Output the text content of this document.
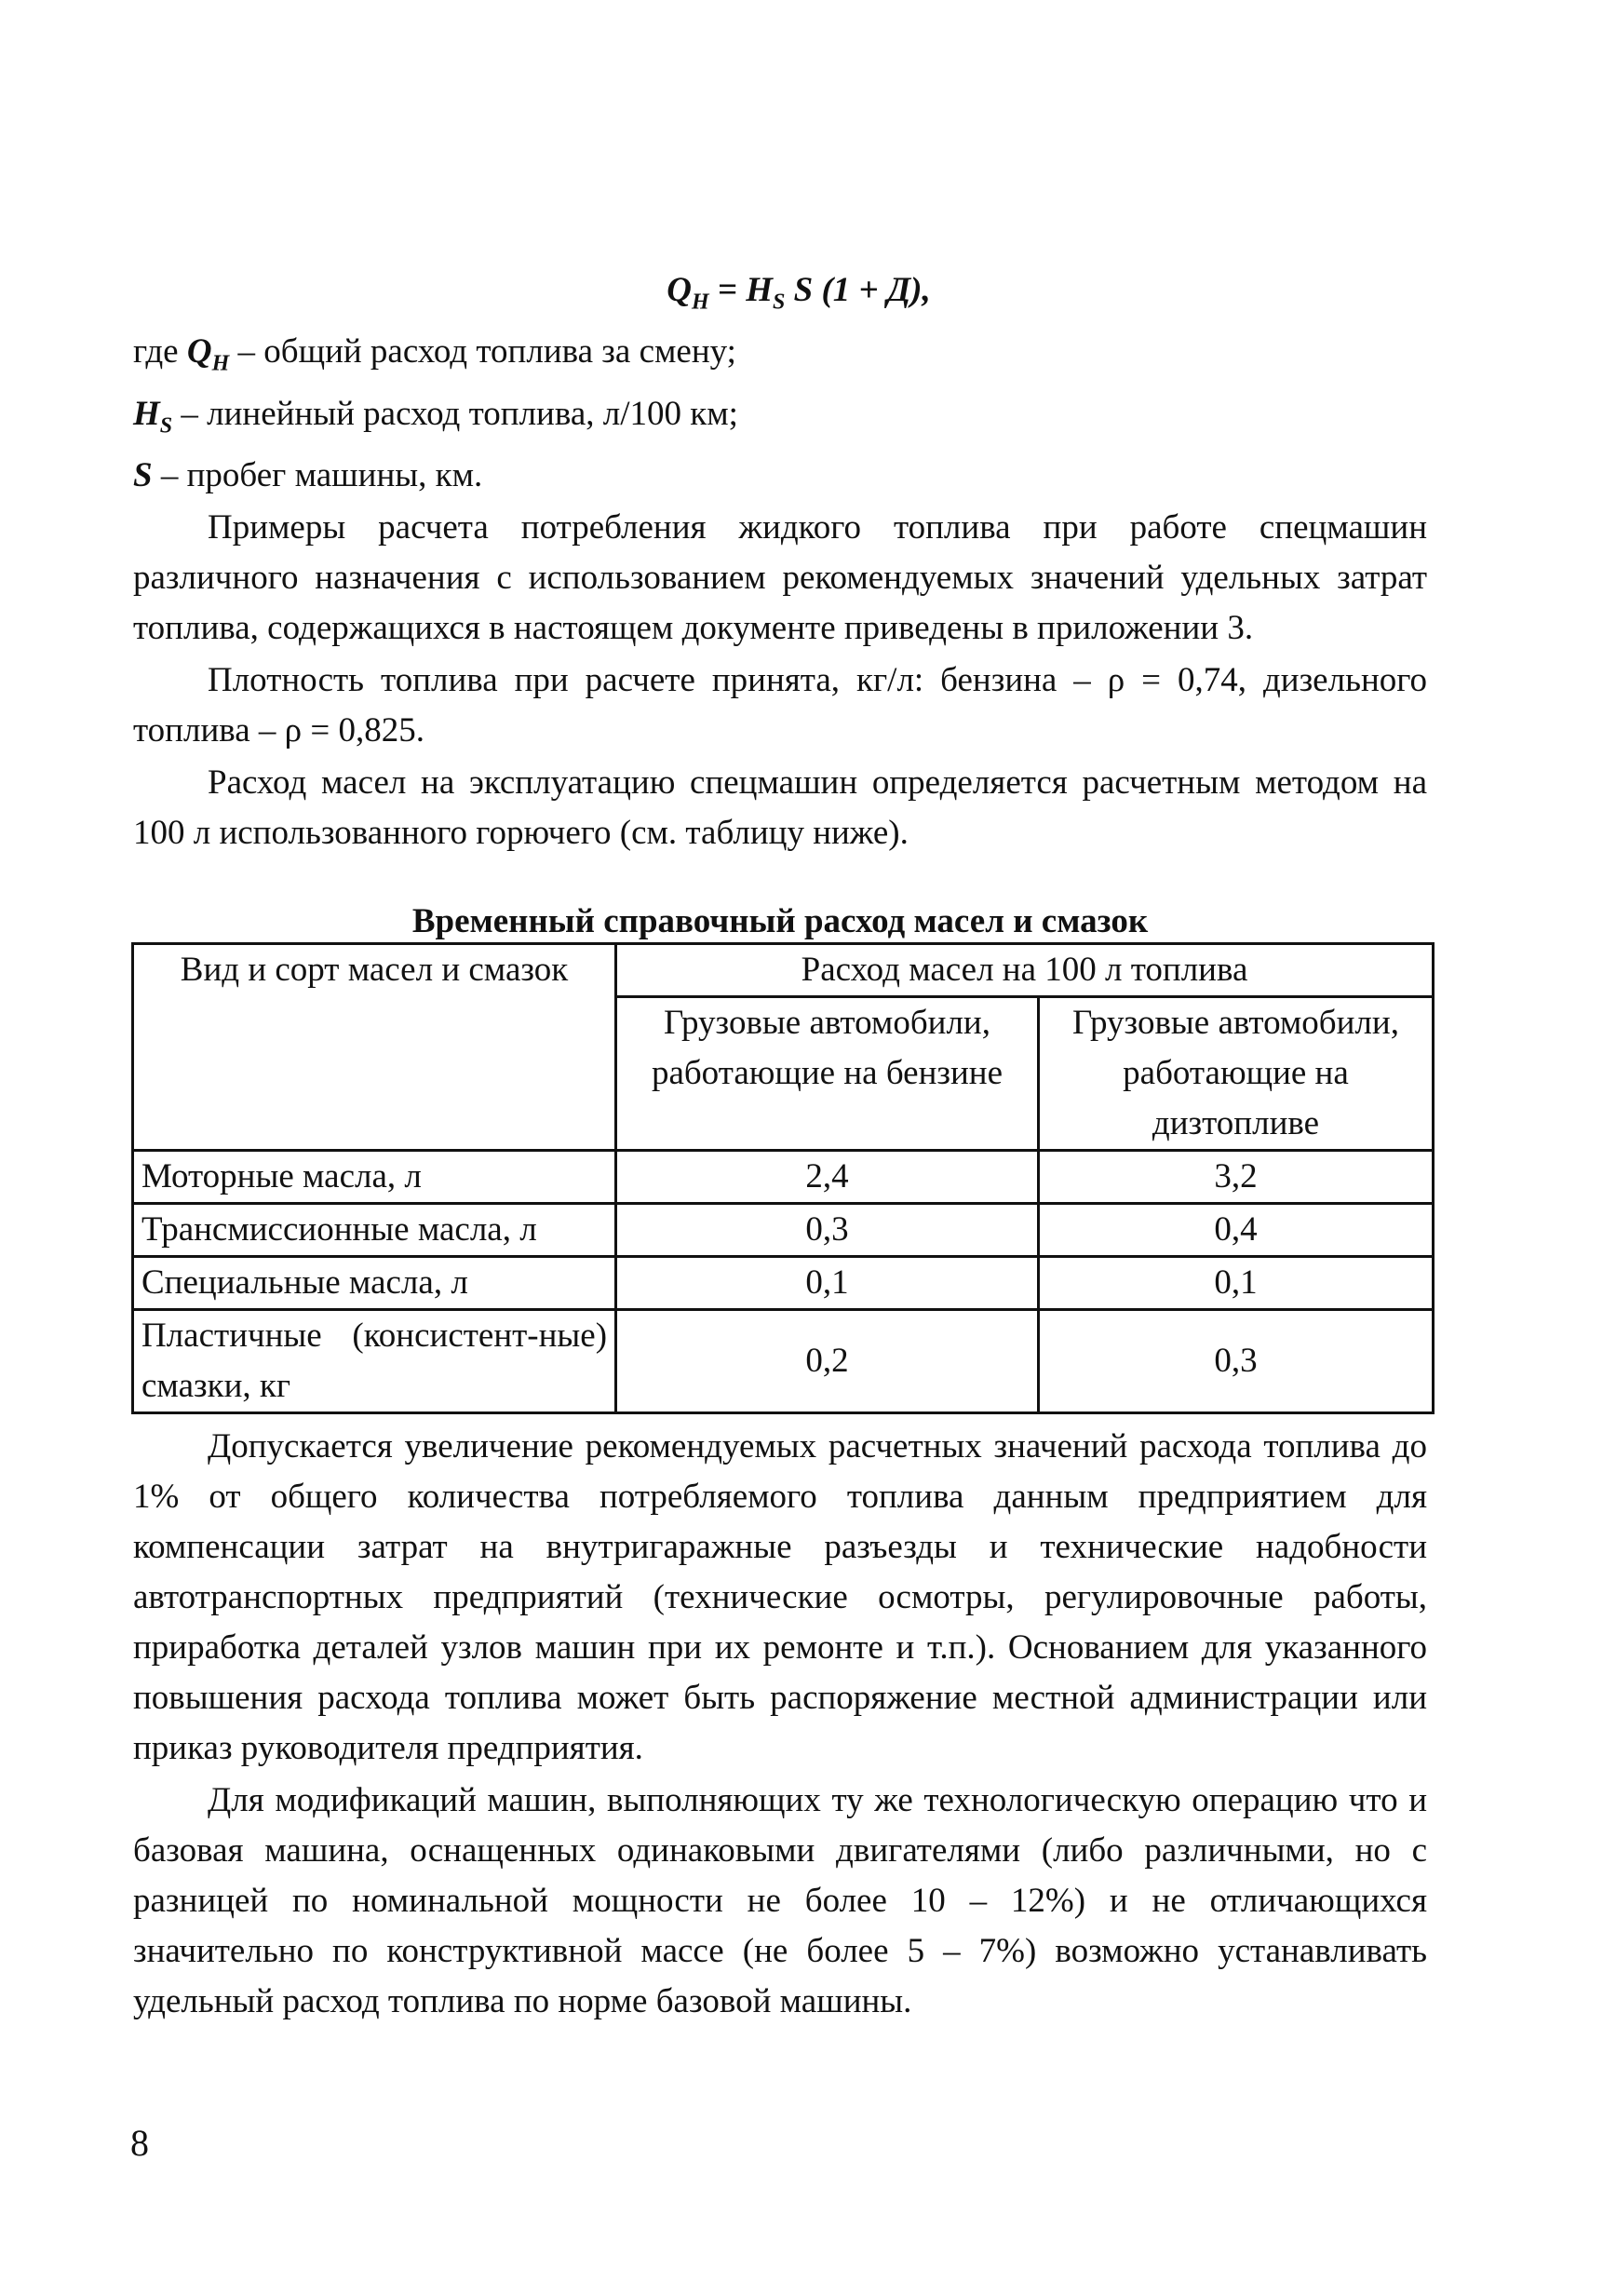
$Q_H = H_S$ S (1 + Д),

где $Q_H$ – общий расход топлива за смену;

$H_S$ – линейный расход топлива, л/100 км;

S – пробег машины, км.

Примеры расчета потребления жидкого топлива при работе спецмашин различного назначения с использованием рекомендуемых значений удельных затрат топлива, содержащихся в настоящем документе приведены в приложении 3.

Плотность топлива при расчете принята, кг/л: бензина – ρ = 0,74, дизельного топлива – ρ = 0,825.

Расход масел на эксплуатацию спецмашин определяется расчетным методом на 100 л использованного горючего (см. таблицу ниже).

Временный справочный расход масел и смазок
Вид и сорт масел и смазок	Расход масел на 100 л топлива	
	Грузовые автомобили, работающие на бензине	Грузовые автомобили, работающие на дизтопливе
Моторные масла, л	2,4	3,2
Трансмиссионные масла, л	0,3	0,4
Специальные масла, л	0,1	0,1
Пластичные (консистент-ные) смазки, кг	0,2	0,3

Допускается увеличение рекомендуемых расчетных значений расхода топлива до 1% от общего количества потребляемого топлива данным предприятием для компенсации затрат на внутригаражные разъезды и технические надобности автотранспортных предприятий (технические осмотры, регулировочные работы, приработка деталей узлов машин при их ремонте и т.п.). Основанием для указанного повышения расхода топлива может быть распоряжение местной администрации или приказ руководителя предприятия.

Для модификаций машин, выполняющих ту же технологическую операцию что и базовая машина, оснащенных одинаковыми двигателями (либо различными, но с разницей по номинальной мощности не более 10 – 12%) и не отличающихся значительно по конструктивной массе (не более 5 – 7%) возможно устанавливать удельный расход топлива по норме базовой машины.

8
